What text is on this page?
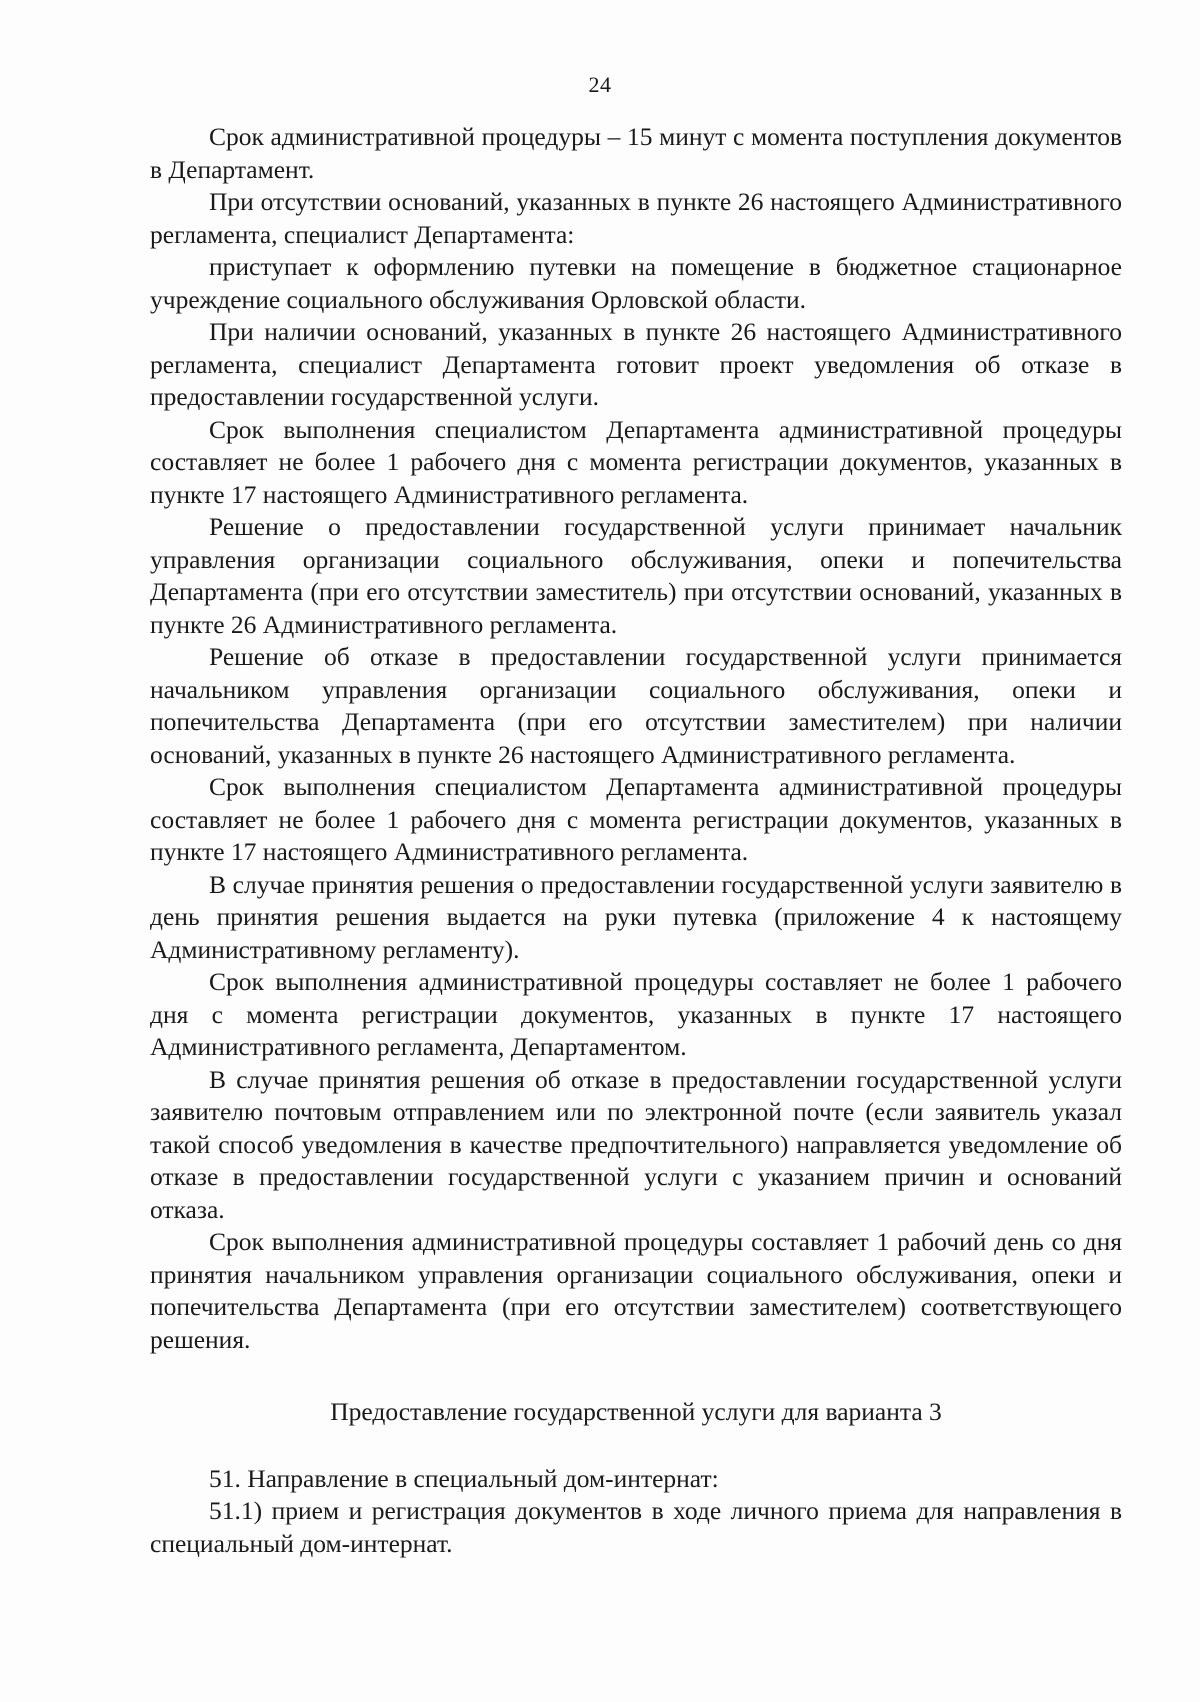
24

Срок административной процедуры – 15 минут с момента поступления документов в Департамент.

При отсутствии оснований, указанных в пункте 26 настоящего Административного регламента, специалист Департамента:

приступает к оформлению путевки на помещение в бюджетное стационарное учреждение социального обслуживания Орловской области.

При наличии оснований, указанных в пункте 26 настоящего Административного регламента, специалист Департамента готовит проект уведомления об отказе в предоставлении государственной услуги.

Срок выполнения специалистом Департамента административной процедуры составляет не более 1 рабочего дня с момента регистрации документов, указанных в пункте 17 настоящего Административного регламента.

Решение о предоставлении государственной услуги принимает начальник управления организации социального обслуживания, опеки и попечительства Департамента (при его отсутствии заместитель) при отсутствии оснований, указанных в пункте 26 Административного регламента.

Решение об отказе в предоставлении государственной услуги принимается начальником управления организации социального обслуживания, опеки и попечительства Департамента (при его отсутствии заместителем) при наличии оснований, указанных в пункте 26 настоящего Административного регламента.

Срок выполнения специалистом Департамента административной процедуры составляет не более 1 рабочего дня с момента регистрации документов, указанных в пункте 17 настоящего Административного регламента.

В случае принятия решения о предоставлении государственной услуги заявителю в день принятия решения выдается на руки путевка (приложение 4 к настоящему Административному регламенту).

Срок выполнения административной процедуры составляет не более 1 рабочего дня с момента регистрации документов, указанных в пункте 17 настоящего Административного регламента, Департаментом.

В случае принятия решения об отказе в предоставлении государственной услуги заявителю почтовым отправлением или по электронной почте (если заявитель указал такой способ уведомления в качестве предпочтительного) направляется уведомление об отказе в предоставлении государственной услуги с указанием причин и оснований отказа.

Срок выполнения административной процедуры составляет 1 рабочий день со дня принятия начальником управления организации социального обслуживания, опеки и попечительства Департамента (при его отсутствии заместителем) соответствующего решения.

Предоставление государственной услуги для варианта 3

51. Направление в специальный дом-интернат:

51.1) прием и регистрация документов в ходе личного приема для направления в специальный дом-интернат.
